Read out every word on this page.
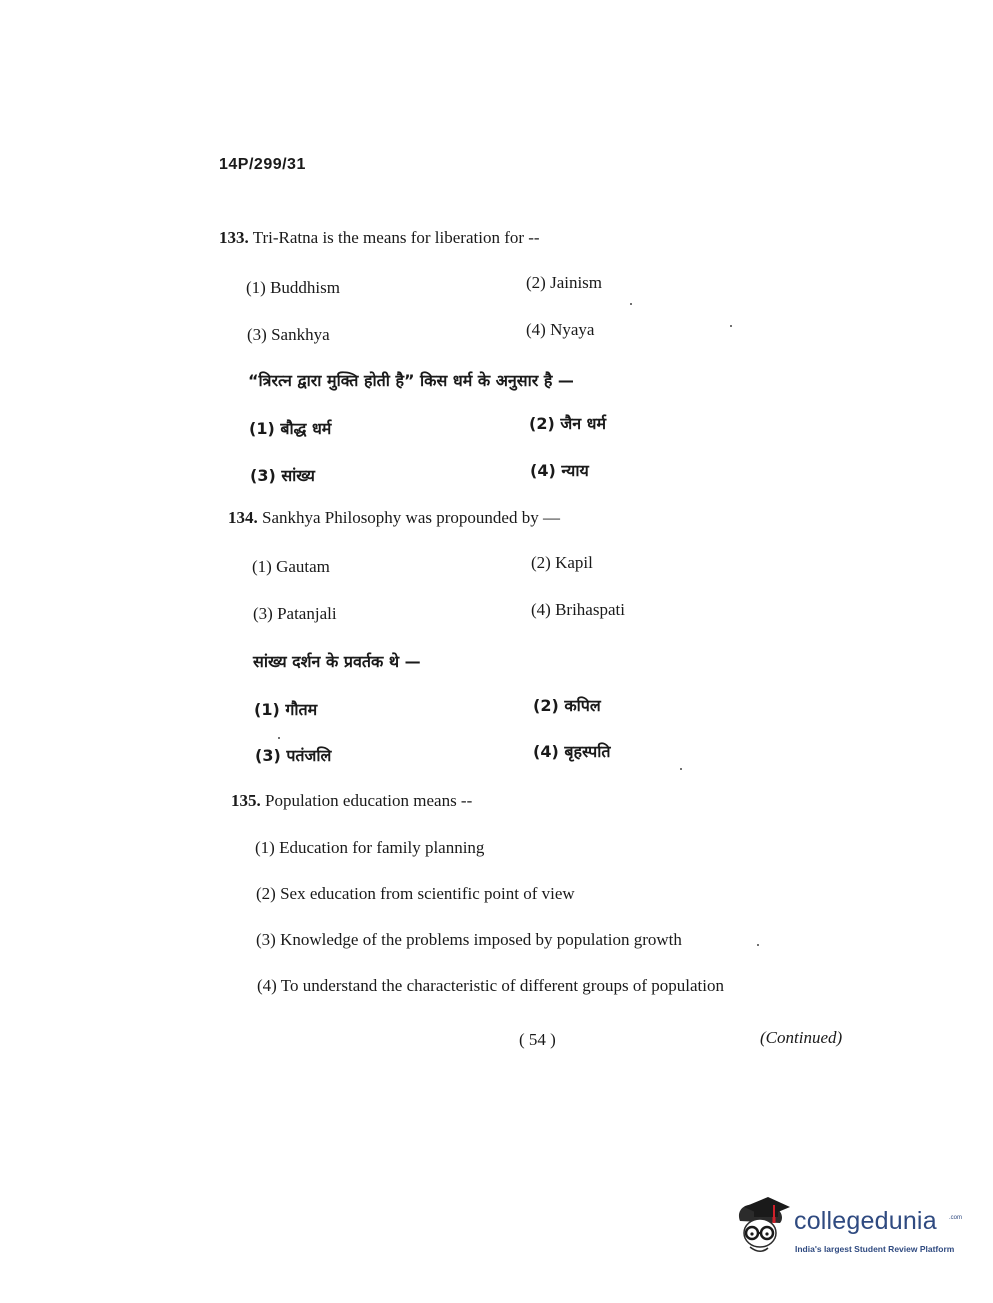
14P/299/31
133. Tri-Ratna is the means for liberation for --
(1) Buddhism	(2) Jainism
(3) Sankhya	(4) Nyaya
“त्रिरत्न द्वारा मुक्ति होती है” किस धर्म के अनुसार है —
(1) बौद्ध धर्म	(2) जैन धर्म
(3) सांख्य	(4) न्याय
134. Sankhya Philosophy was propounded by —
(1) Gautam	(2) Kapil
(3) Patanjali	(4) Brihaspati
सांख्य दर्शन के प्रवर्तक थे —
(1) गौतम	(2) कपिल
(3) पतंजलि	(4) बृहस्पति
135. Population education means --
(1) Education for family planning
(2) Sex education from scientific point of view
(3) Knowledge of the problems imposed by population growth
(4) To understand the characteristic of different groups of population
( 54 )	(Continued)
collegedunia .com
India's largest Student Review Platform
